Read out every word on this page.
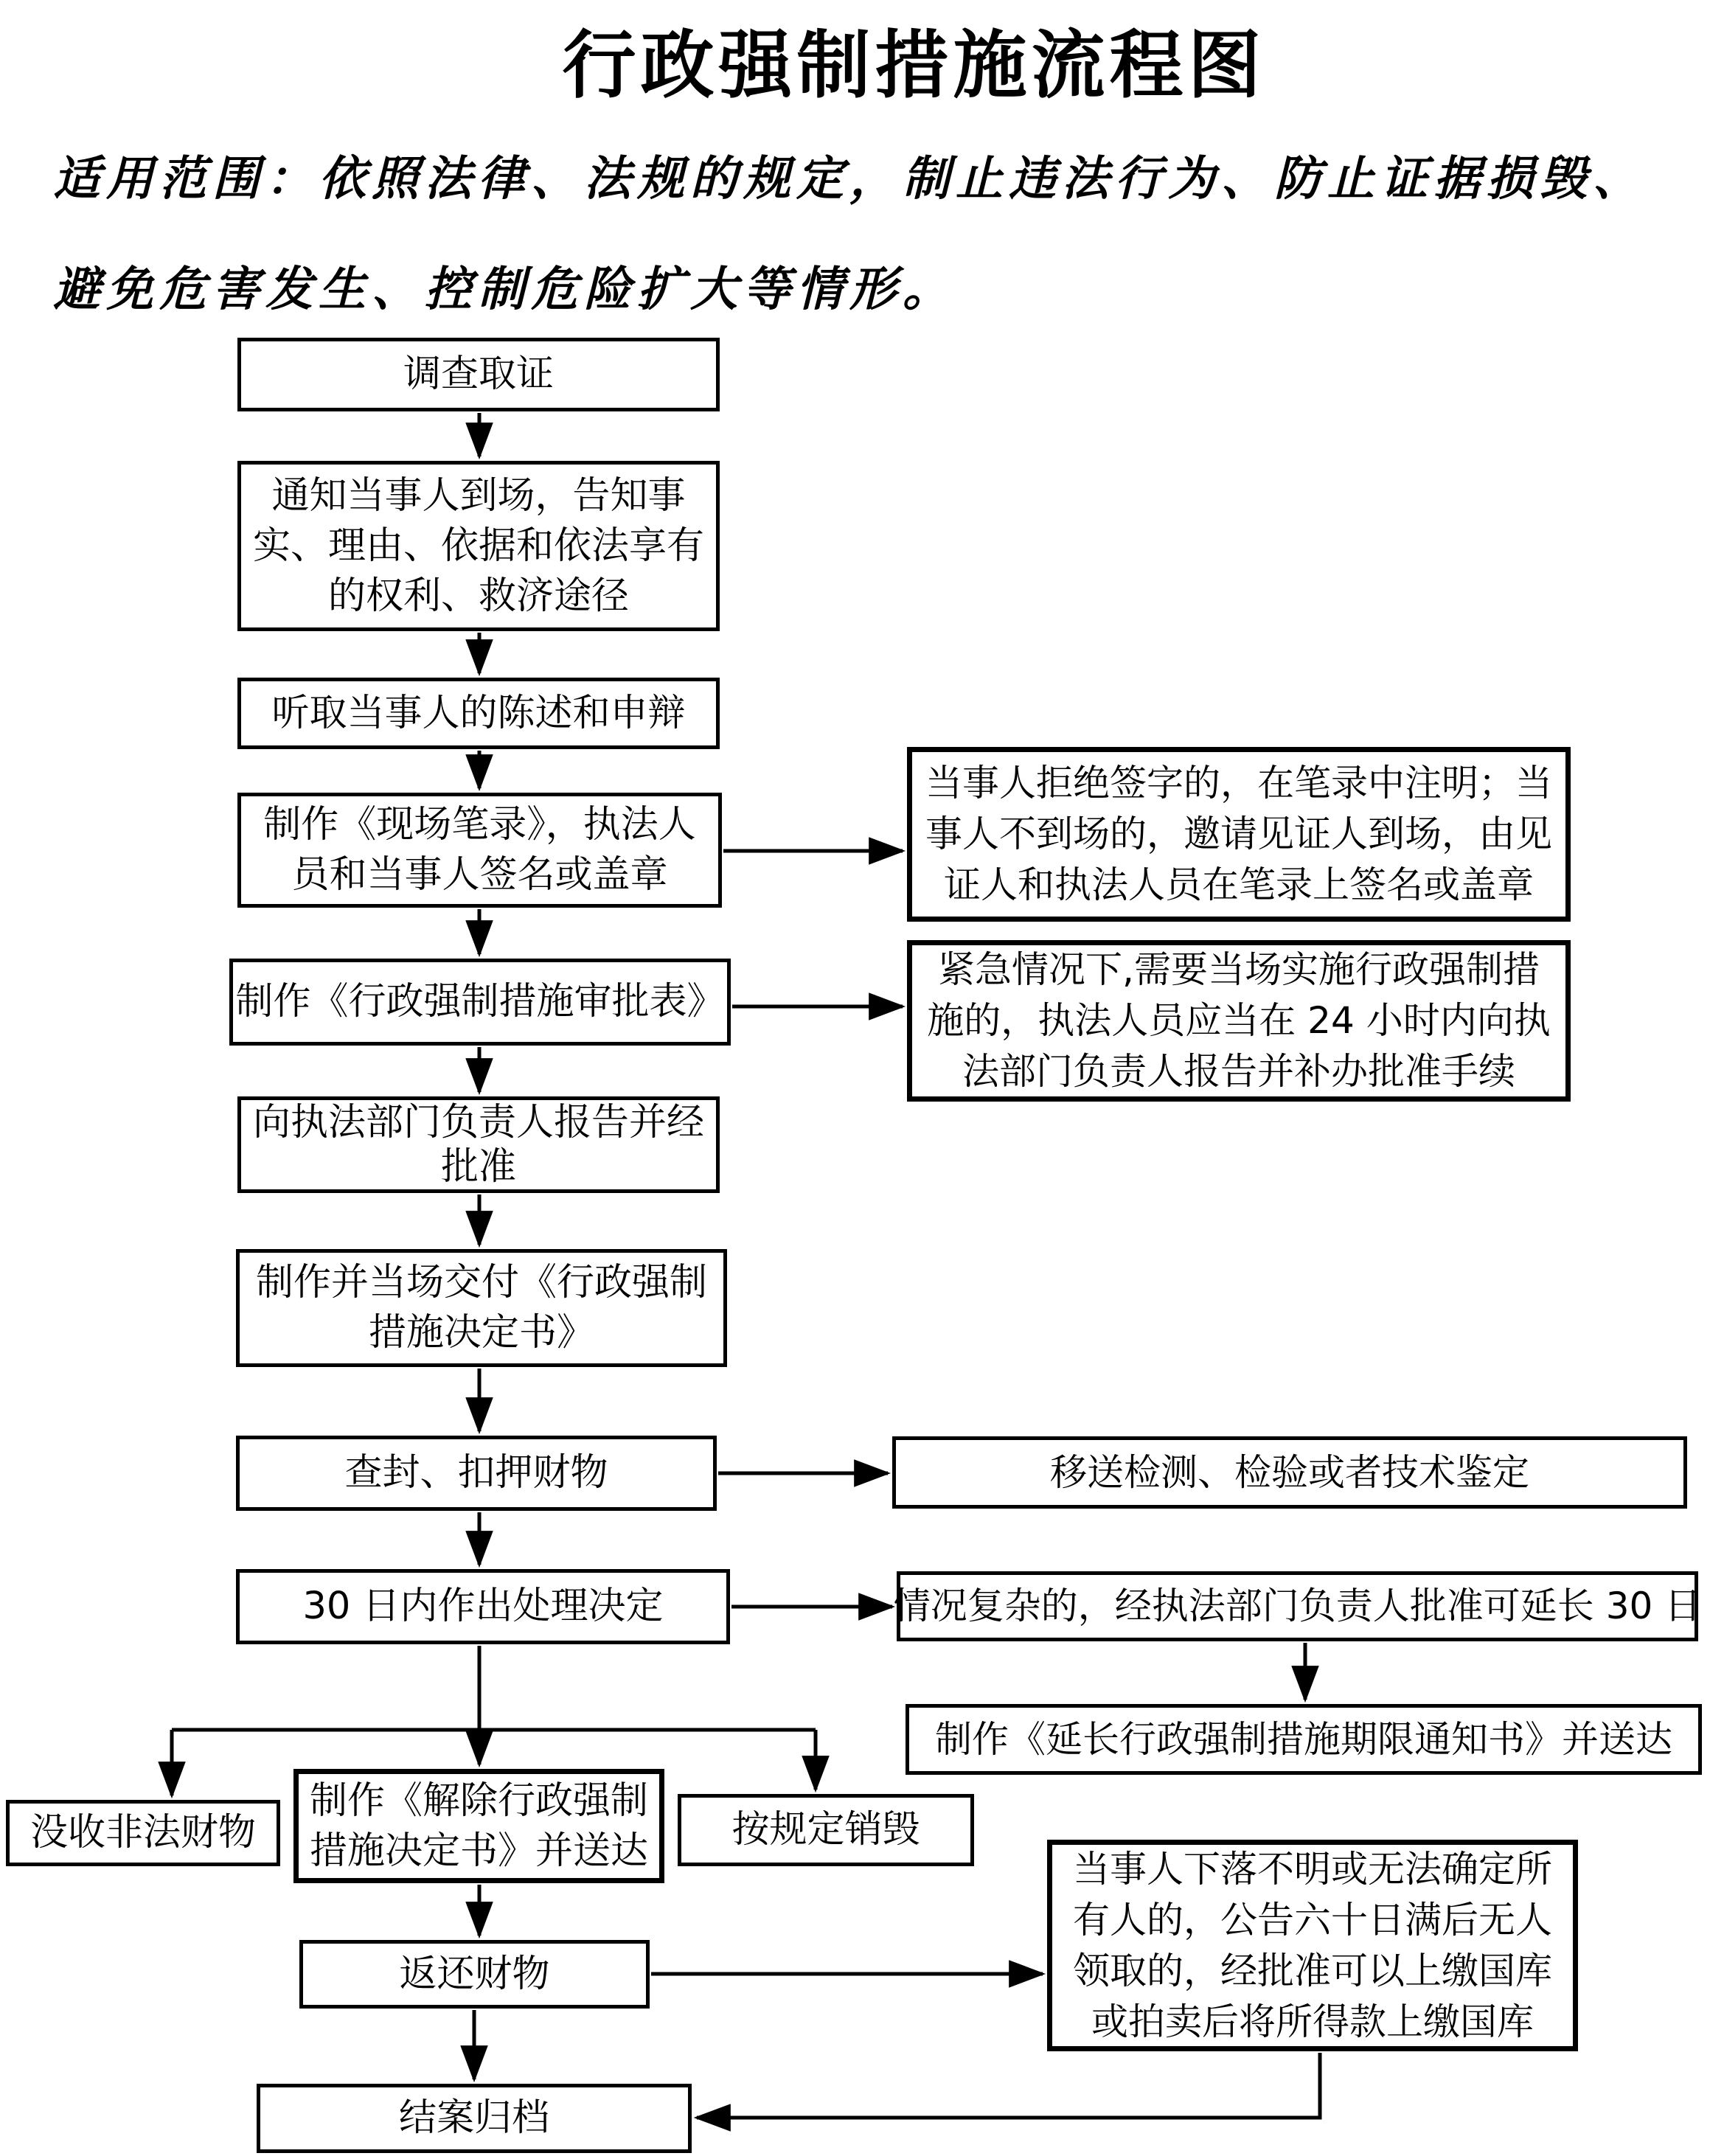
行政强制措施流程图
适用范围：依照法律、法规的规定，制止违法行为、防止证据损毁、
避免危害发生、控制危险扩大等情形。
调查取证
通知当事人到场，告知事
实、理由、依据和依法享有
的权利、救济途径
听取当事人的陈述和申辩
制作《现场笔录》，执法人
员和当事人签名或盖章
制作《行政强制措施审批表》
向执法部门负责人报告并经
批准
制作并当场交付《行政强制
措施决定书》
查封、扣押财物
30 日内作出处理决定
没收非法财物
制作《解除行政强制
措施决定书》并送达 按规定销毁
返还财物
结案归档
当事人拒绝签字的，在笔录中注明；当
事人不到场的，邀请见证人到场，由见
证人和执法人员在笔录上签名或盖章
紧急情况下,需要当场实施行政强制措
施的，执法人员应当在 24 小时内向执
法部门负责人报告并补办批准手续
移送检测、检验或者技术鉴定
情况复杂的，经执法部门负责人批准可延长 30 日
制作《延长行政强制措施期限通知书》并送达
当事人下落不明或无法确定所
有人的，公告六十日满后无人
领取的，经批准可以上缴国库
或拍卖后将所得款上缴国库
